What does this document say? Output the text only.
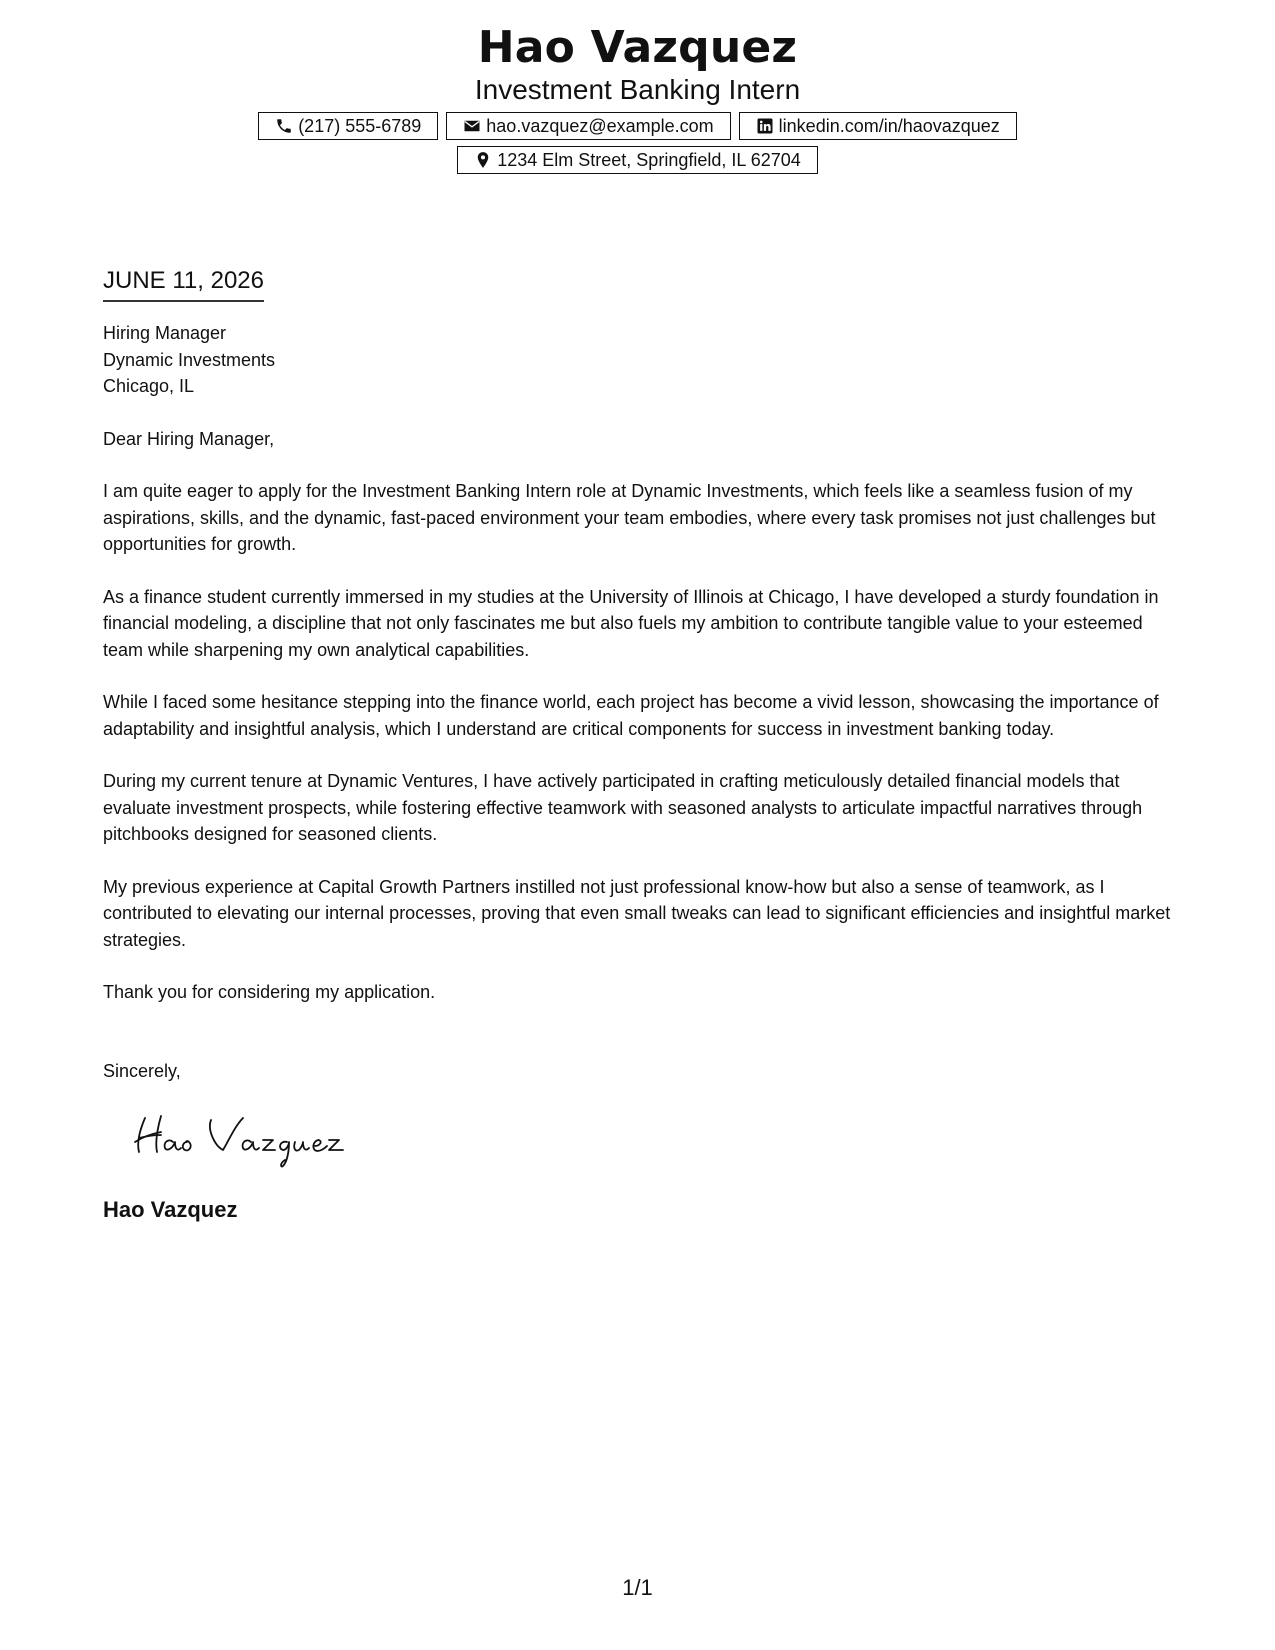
Hao Vazquez
Investment Banking Intern
(217) 555-6789	hao.vazquez@example.com	linkedin.com/in/haovazquez
1234 Elm Street, Springfield, IL 62704
JUNE 11, 2026
Hiring Manager
Dynamic Investments
Chicago, IL

Dear Hiring Manager,

I am quite eager to apply for the Investment Banking Intern role at Dynamic Investments, which feels like a seamless fusion of my aspirations, skills, and the dynamic, fast-paced environment your team embodies, where every task promises not just challenges but opportunities for growth.

As a finance student currently immersed in my studies at the University of Illinois at Chicago, I have developed a sturdy foundation in financial modeling, a discipline that not only fascinates me but also fuels my ambition to contribute tangible value to your esteemed team while sharpening my own analytical capabilities.

While I faced some hesitance stepping into the finance world, each project has become a vivid lesson, showcasing the importance of adaptability and insightful analysis, which I understand are critical components for success in investment banking today.

During my current tenure at Dynamic Ventures, I have actively participated in crafting meticulously detailed financial models that evaluate investment prospects, while fostering effective teamwork with seasoned analysts to articulate impactful narratives through pitchbooks designed for seasoned clients.

My previous experience at Capital Growth Partners instilled not just professional know-how but also a sense of teamwork, as I contributed to elevating our internal processes, proving that even small tweaks can lead to significant efficiencies and insightful market strategies.

Thank you for considering my application.

Sincerely,

Hao Vazquez
1/1
